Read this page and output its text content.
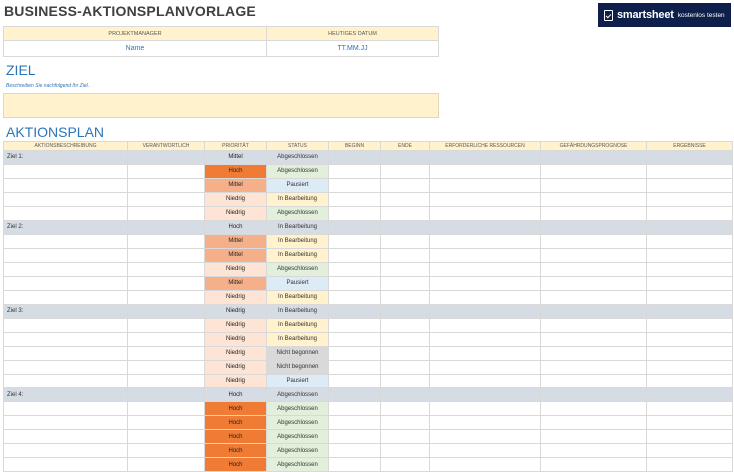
BUSINESS-AKTIONSPLANVORLAGE	smartsheet kostenlos testen
PROJEKTMANAGER	HEUTIGES DATUM
Name	TT.MM.JJ
ZIEL
Beschreiben Sie nachfolgend Ihr Ziel.
AKTIONSPLAN
AKTIONSBESCHREIBUNG	VERANTWORTLICH	PRIORITÄT	STATUS	BEGINN	ENDE	ERFORDERLICHE RESSOURCEN	GEFÄHRDUNGSPROGNOSE	ERGEBNISSE
Ziel 1:		Mittel	Abgeschlossen					
		Hoch	Abgeschlossen					
		Mittel	Pausiert					
		Niedrig	In Bearbeitung					
		Niedrig	Abgeschlossen					
Ziel 2:		Hoch	In Bearbeitung					
		Mittel	In Bearbeitung					
		Mittel	In Bearbeitung					
		Niedrig	Abgeschlossen					
		Mittel	Pausiert					
		Niedrig	In Bearbeitung					
Ziel 3:		Niedrig	In Bearbeitung					
		Niedrig	In Bearbeitung					
		Niedrig	In Bearbeitung					
		Niedrig	Nicht begonnen					
		Niedrig	Nicht begonnen					
		Niedrig	Pausiert					
Ziel 4:		Hoch	Abgeschlossen					
		Hoch	Abgeschlossen					
		Hoch	Abgeschlossen					
		Hoch	Abgeschlossen					
		Hoch	Abgeschlossen					
		Hoch	Abgeschlossen					
